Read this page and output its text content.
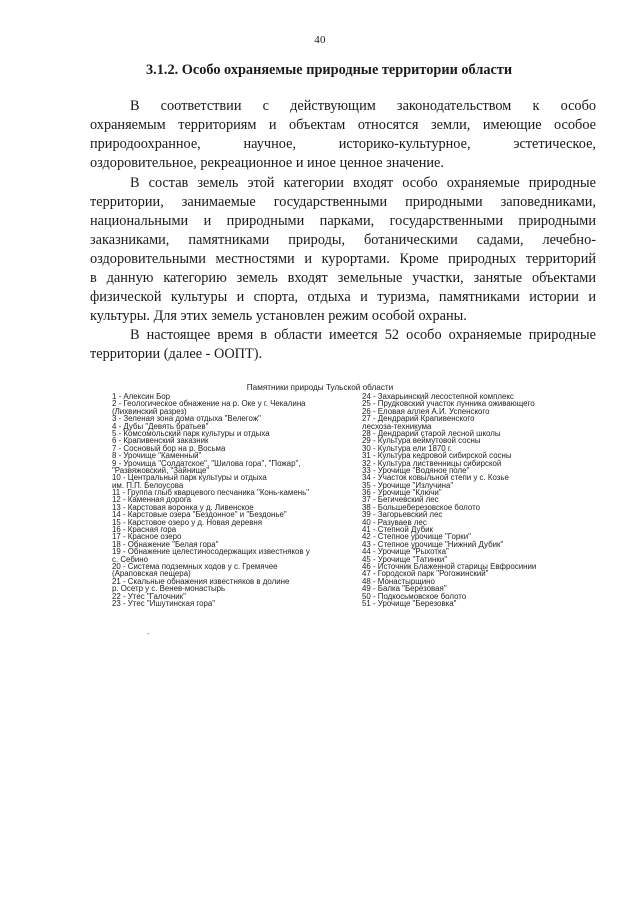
40
3.1.2. Особо охраняемые природные территории области
В соответствии с действующим законодательством к особо
охраняемым территориям и объектам относятся земли, имеющие особое
природоохранное, научное, историко-культурное, эстетическое,
оздоровительное, рекреационное и иное ценное значение.
В состав земель этой категории входят особо охраняемые природные
территории, занимаемые государственными природными заповедниками,
национальными и природными парками, государственными природными
заказниками, памятниками природы, ботаническими садами, лечебно-
оздоровительными местностями и курортами. Кроме природных территорий
в данную категорию земель входят земельные участки, занятые объектами
физической культуры и спорта, отдыха и туризма, памятниками истории и
культуры. Для этих земель установлен режим особой охраны.
В настоящее время в области имеется 52 особо охраняемые природные
территории (далее - ООПТ).
Памятники природы Тульской области
1 - Алексин Бор
2 - Геологическое обнажение на р. Оке у г. Чекалина
(Лихвинский разрез)
3 - Зеленая зона дома отдыха "Велегож"
4 - Дубы "Девять братьев"
5 - Комсомольский парк культуры и отдыха
6 - Крапивенский заказник
7 - Сосновый бор на р. Восьма
8 - Урочище "Каменный"
9 - Урочища "Солдатское", "Шилова гора", "Пожар",
"Развяжовский, "Зайнище"
10 - Центральный парк культуры и отдыха
им. П.П. Белоусова
11 - Группа глыб кварцевого песчаника "Конь-камень"
12 - Каменная дорога
13 - Карстовая воронка у д. Ливенское
14 - Карстовые озера "Бездонное" и "Бездонье"
15 - Карстовое озеро у д. Новая деревня
16 - Красная гора
17 - Красное озеро
18 - Обнажение "Белая гора"
19 - Обнажение целестиносодержащих известняков у
с. Себино
20 - Система подземных ходов у с. Гремячее
(Араповская пещера)
21 - Скальные обнажения известняков в долине
р. Осетр у с. Венев-монастырь
22 - Утес "Галочник"
23 - Утес "Ишутинская гора"
24 - Захарьинский лесостепной комплекс
25 - Прудковский участок лунника оживающего
26 - Еловая аллея А.И. Успенского
27 - Дендрарий Крапивенского
лесхоза-техникума
28 - Дендрарий старой лесной школы
29 - Культура веймутовой сосны
30 - Культура ели 1870 г.
31 - Культура кедровой сибирской сосны
32 - Культура лиственницы сибирской
33 - Урочище "Водяное поле"
34 - Участок ковыльной степи у с. Козье
35 - Урочище "Излучина"
36 - Урочище "Ключи"
37 - Бегичевский лес
38 - Большеберезовское болото
39 - Загорьевский лес
40 - Разуваев лес
41 - Степной Дубик
42 - Степное урочище "Горки"
43 - Степное урочище "Нижний Дубик"
44 - Урочище "Рыхотка"
45 - Урочище "Татинки"
46 - Источник Блаженной старицы Евфросинии
47 - Городской парк "Рогожинский"
48 - Монастырщино
49 - Балка "Березовая"
50 - Подкосьмовское болото
51 - Урочище "Березовка"
-
